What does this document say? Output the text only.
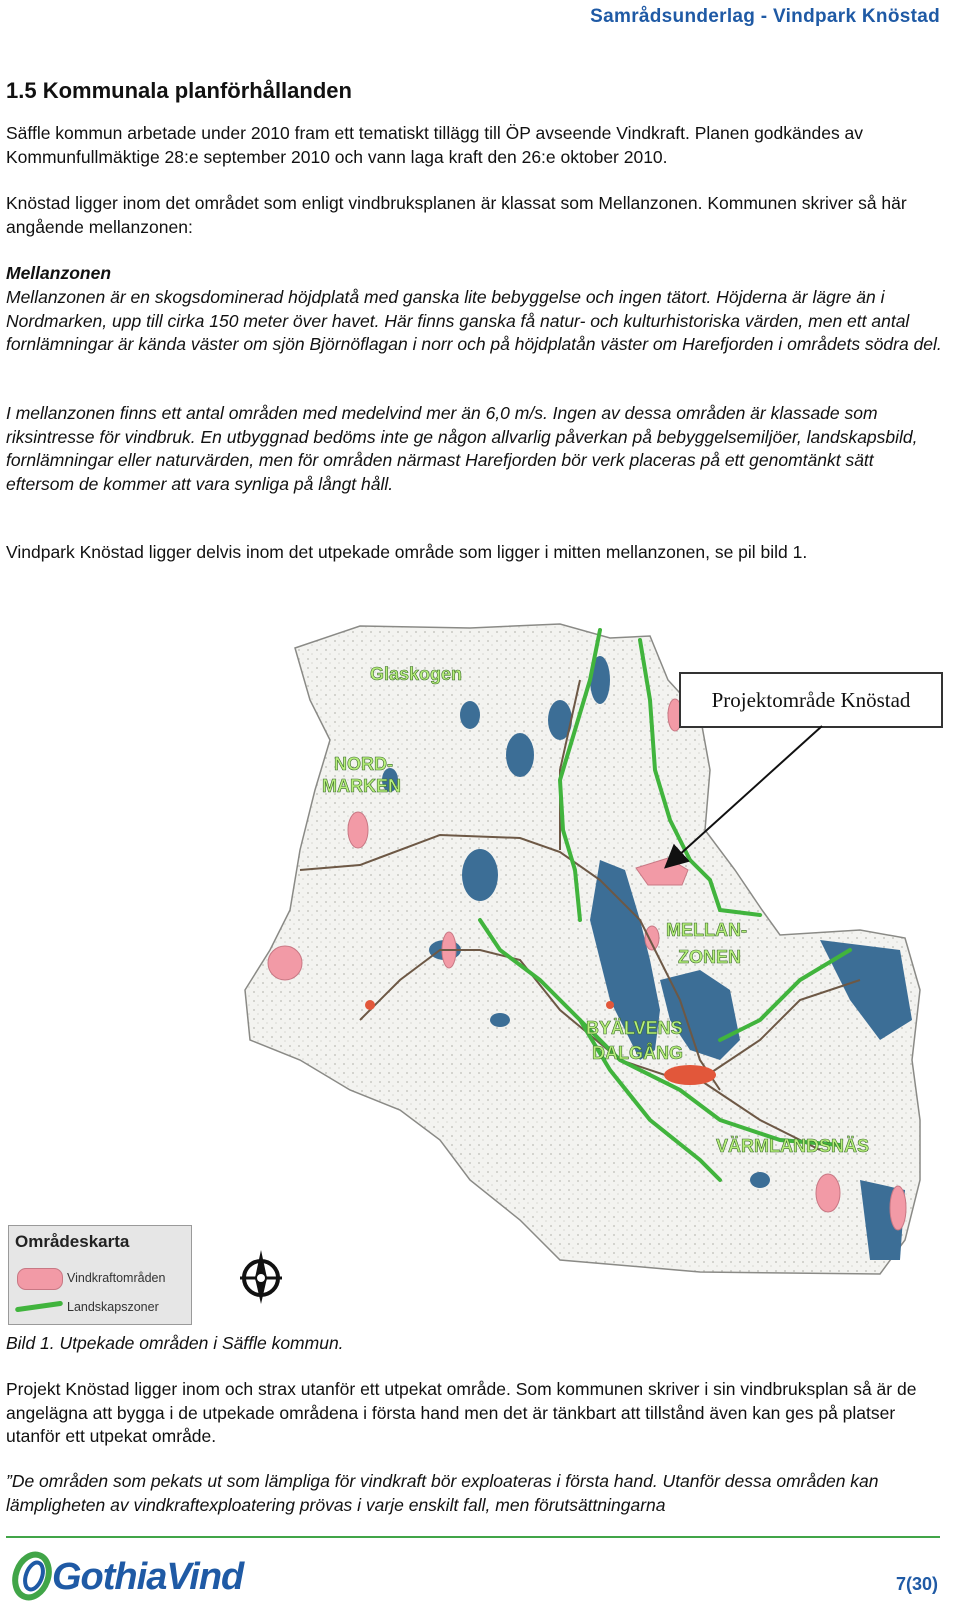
Samrådsunderlag - Vindpark Knöstad
1.5 Kommunala planförhållanden

Säffle kommun arbetade under 2010 fram ett tematiskt tillägg till ÖP avseende Vindkraft. Planen godkändes av Kommunfullmäktige 28:e september 2010 och vann laga kraft den 26:e oktober 2010.

Knöstad ligger inom det området som enligt vindbruksplanen är klassat som Mellanzonen. Kommunen skriver så här angående mellanzonen:

Mellanzonen

Mellanzonen är en skogsdominerad höjdplatå med ganska lite bebyggelse och ingen tätort. Höjderna är lägre än i Nordmarken, upp till cirka 150 meter över havet. Här finns ganska få natur- och kulturhistoriska värden, men ett antal fornlämningar är kända väster om sjön Björnöflagan i norr och på höjdplatån väster om Harefjorden i områdets södra del.

I mellanzonen finns ett antal områden med medelvind mer än 6,0 m/s. Ingen av dessa områden är klassade som riksintresse för vindbruk. En utbyggnad bedöms inte ge någon allvarlig påverkan på bebyggelsemiljöer, landskapsbild, fornlämningar eller naturvärden, men för områden närmast Harefjorden bör verk placeras på ett genomtänkt sätt eftersom de kommer att vara synliga på långt håll.

Vindpark Knöstad ligger delvis inom det utpekade område som ligger i mitten mellanzonen, se pil bild 1.

Glaskogen
NORD-
MARKEN
MELLAN-
ZONEN
BYÄLVENS
DALGÅNG
VÄRMLANDSNÄS
Projektområde Knöstad
Områdeskarta
Vindkraftområden
Landskapszoner

Bild 1. Utpekade områden i Säffle kommun.

Projekt Knöstad ligger inom och strax utanför ett utpekat område. Som kommunen skriver i sin vindbruksplan så är de angelägna att bygga i de utpekade områdena i första hand men det är tänkbart att tillstånd även kan ges på platser utanför ett utpekat område.

”De områden som pekats ut som lämpliga för vindkraft bör exploateras i första hand. Utanför dessa områden kan lämpligheten av vindkraftexploatering prövas i varje enskilt fall, men förutsättningarna

GothiaVind	7(30)
